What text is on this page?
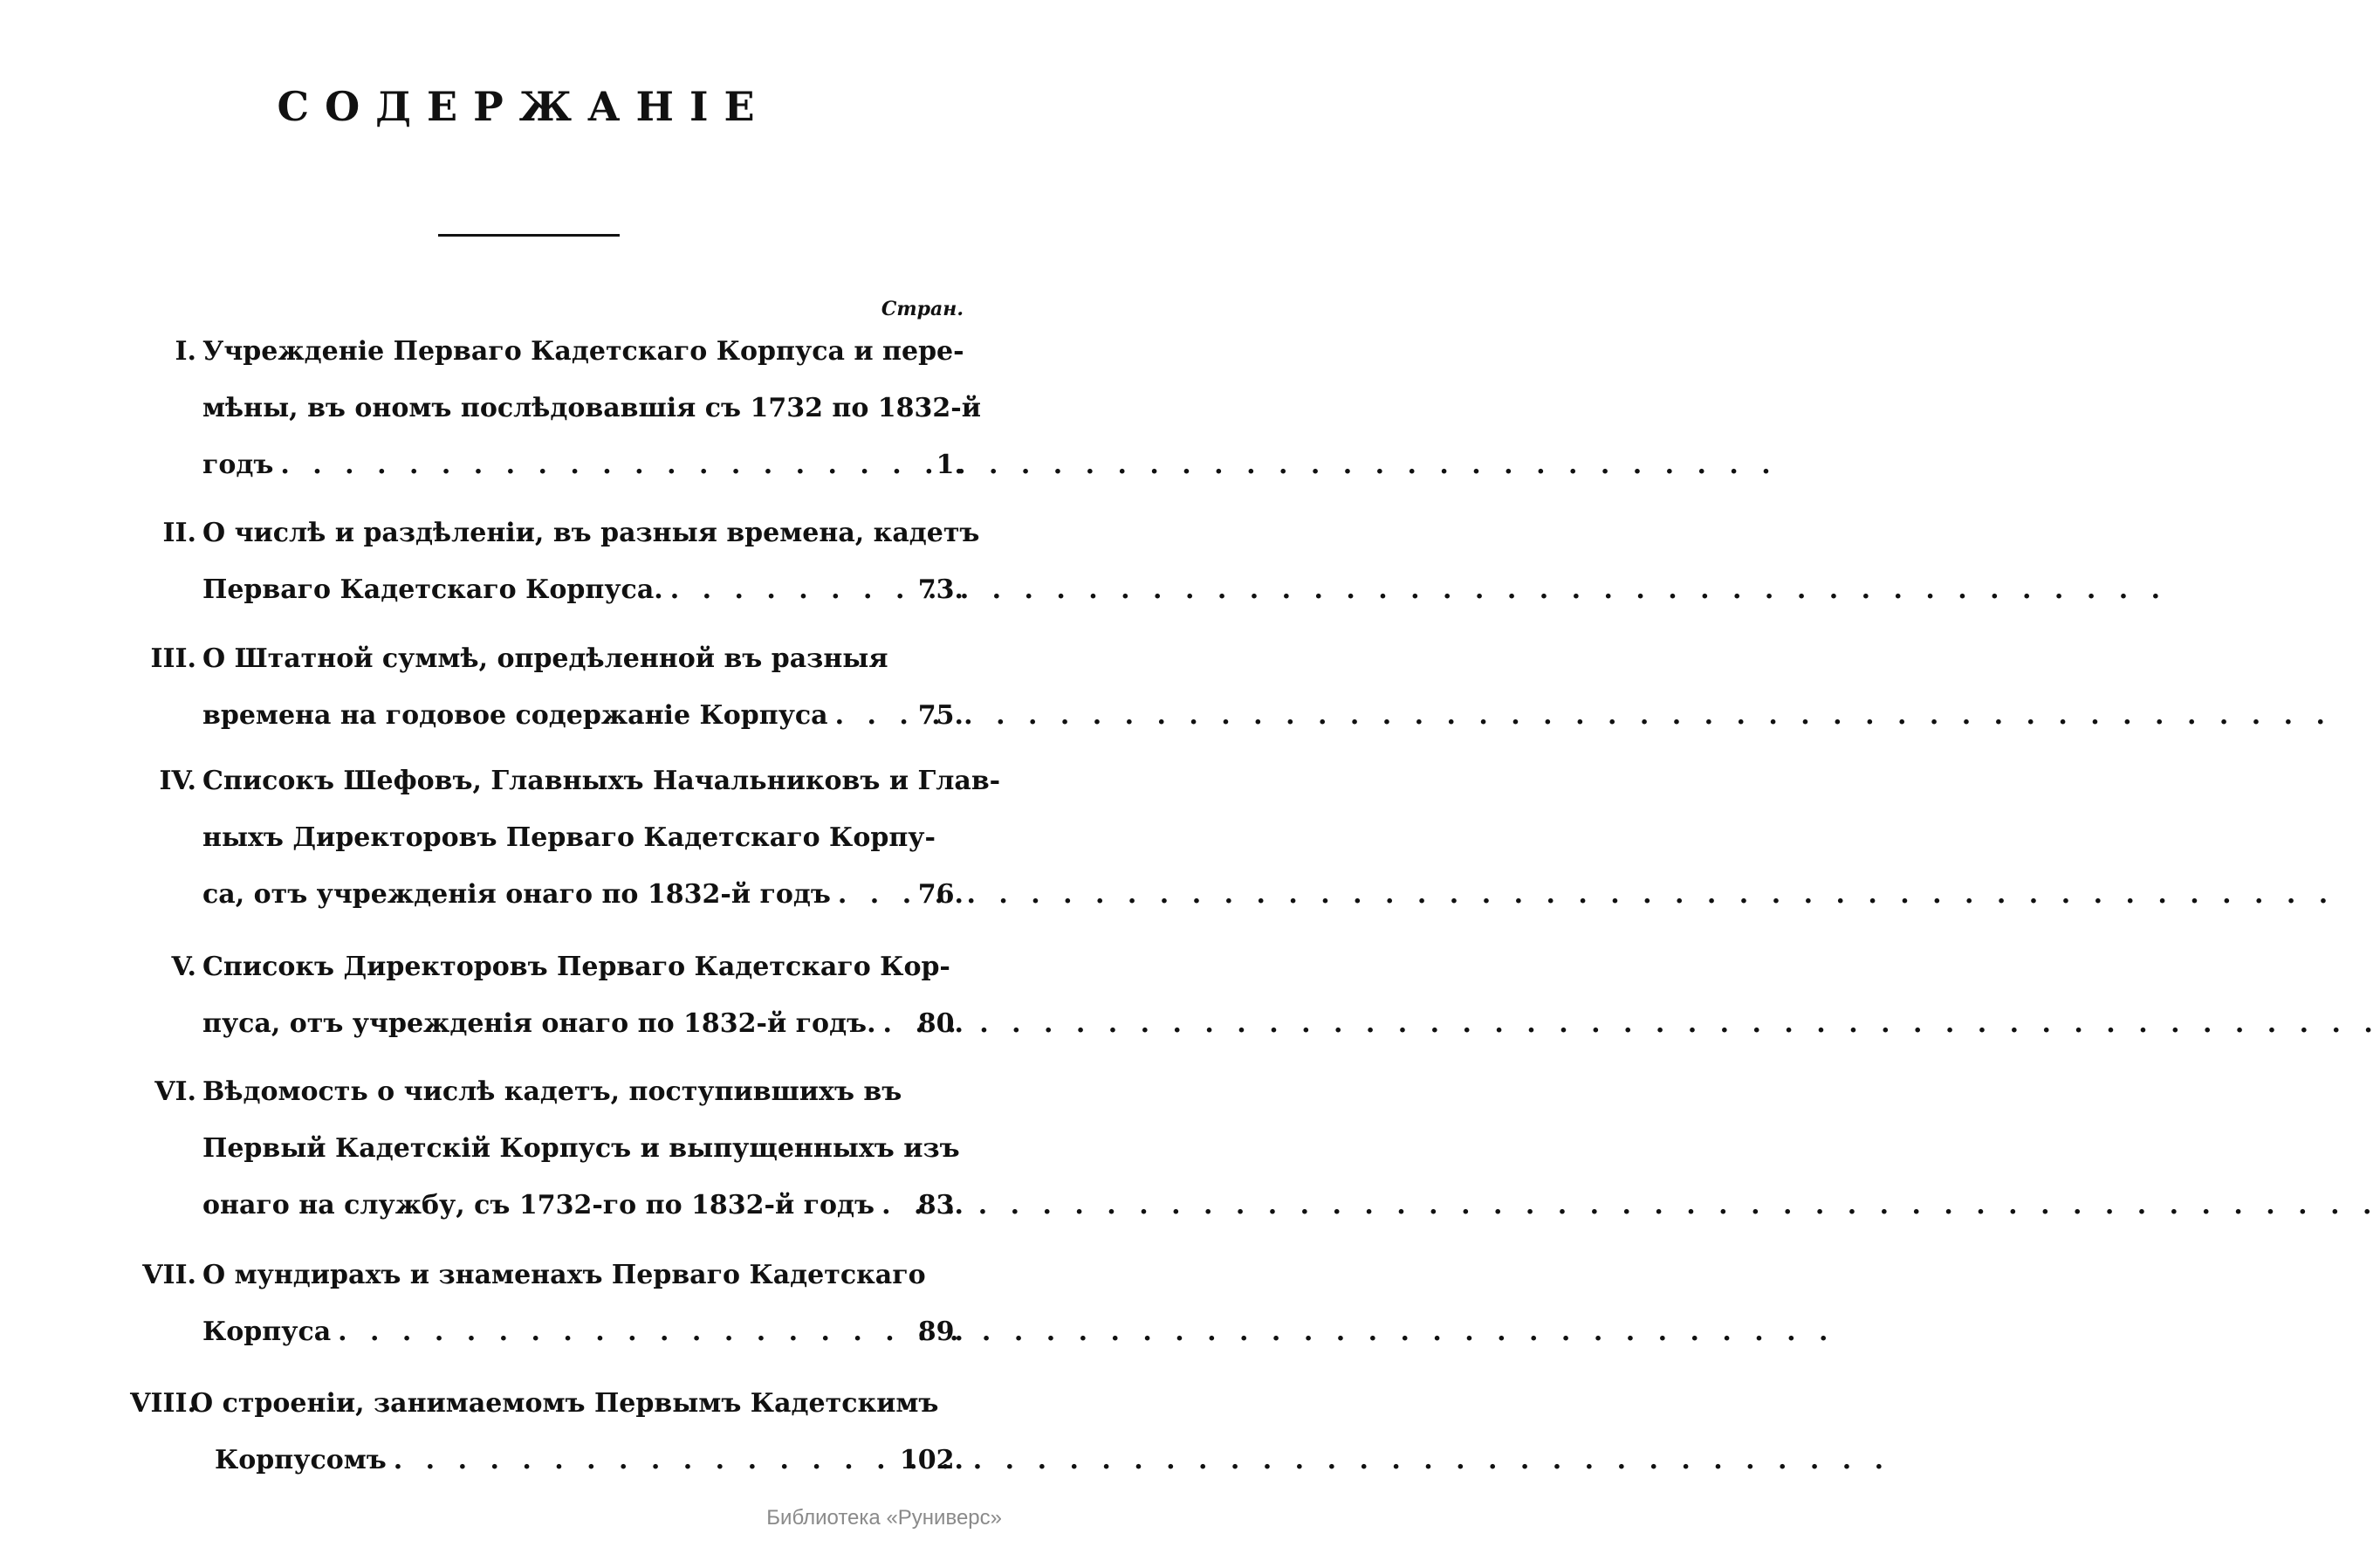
СОДЕРЖАНІЕ
Стран.
I. Учрежденіе Перваго Кадетскаго Корпуса и пере-
мѣны, въ ономъ послѣдовавшія съ 1732 по 1832-й
годъ . . .	1.
II. О числѣ и раздѣленіи, въ разныя времена, кадетъ
Перваго Кадетскаго Корпуса. . . .	73.
III. О Штатной суммѣ, опредѣленной въ разныя
времена на годовое содержаніе Корпуса . . .	75.
IV. Списокъ Шефовъ, Главныхъ Начальниковъ и Глав-
ныхъ Директоровъ Перваго Кадетскаго Корпу-
са, отъ учрежденія онаго по 1832-й годъ . . .	76.
V. Списокъ Директоровъ Перваго Кадетскаго Кор-
пуса, отъ учрежденія онаго по 1832-й годъ. . . . 80.
VI. Вѣдомость о числѣ кадетъ, поступившихъ въ
Первый Кадетскій Корпусъ и выпущенныхъ изъ
онаго на службу, съ 1732-го по 1832-й годъ . . . 83.
VII. О мундирахъ и знаменахъ Перваго Кадетскаго
Корпуса . . .	89.
VIII.
О строеніи, занимаемомъ Первымъ Кадетскимъ
Корпусомъ . . .	102.
Библиотека «Руниверс»
